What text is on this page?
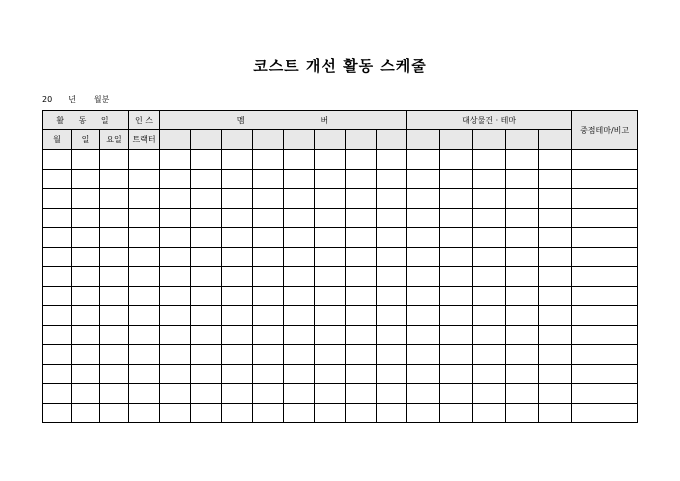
코스트 개선 활동 스케줄
20 년 월분
활 동 일			인 스	멤			버					대상물건 · 테마					중점테마/비고
월	일	요일	트랙터														
